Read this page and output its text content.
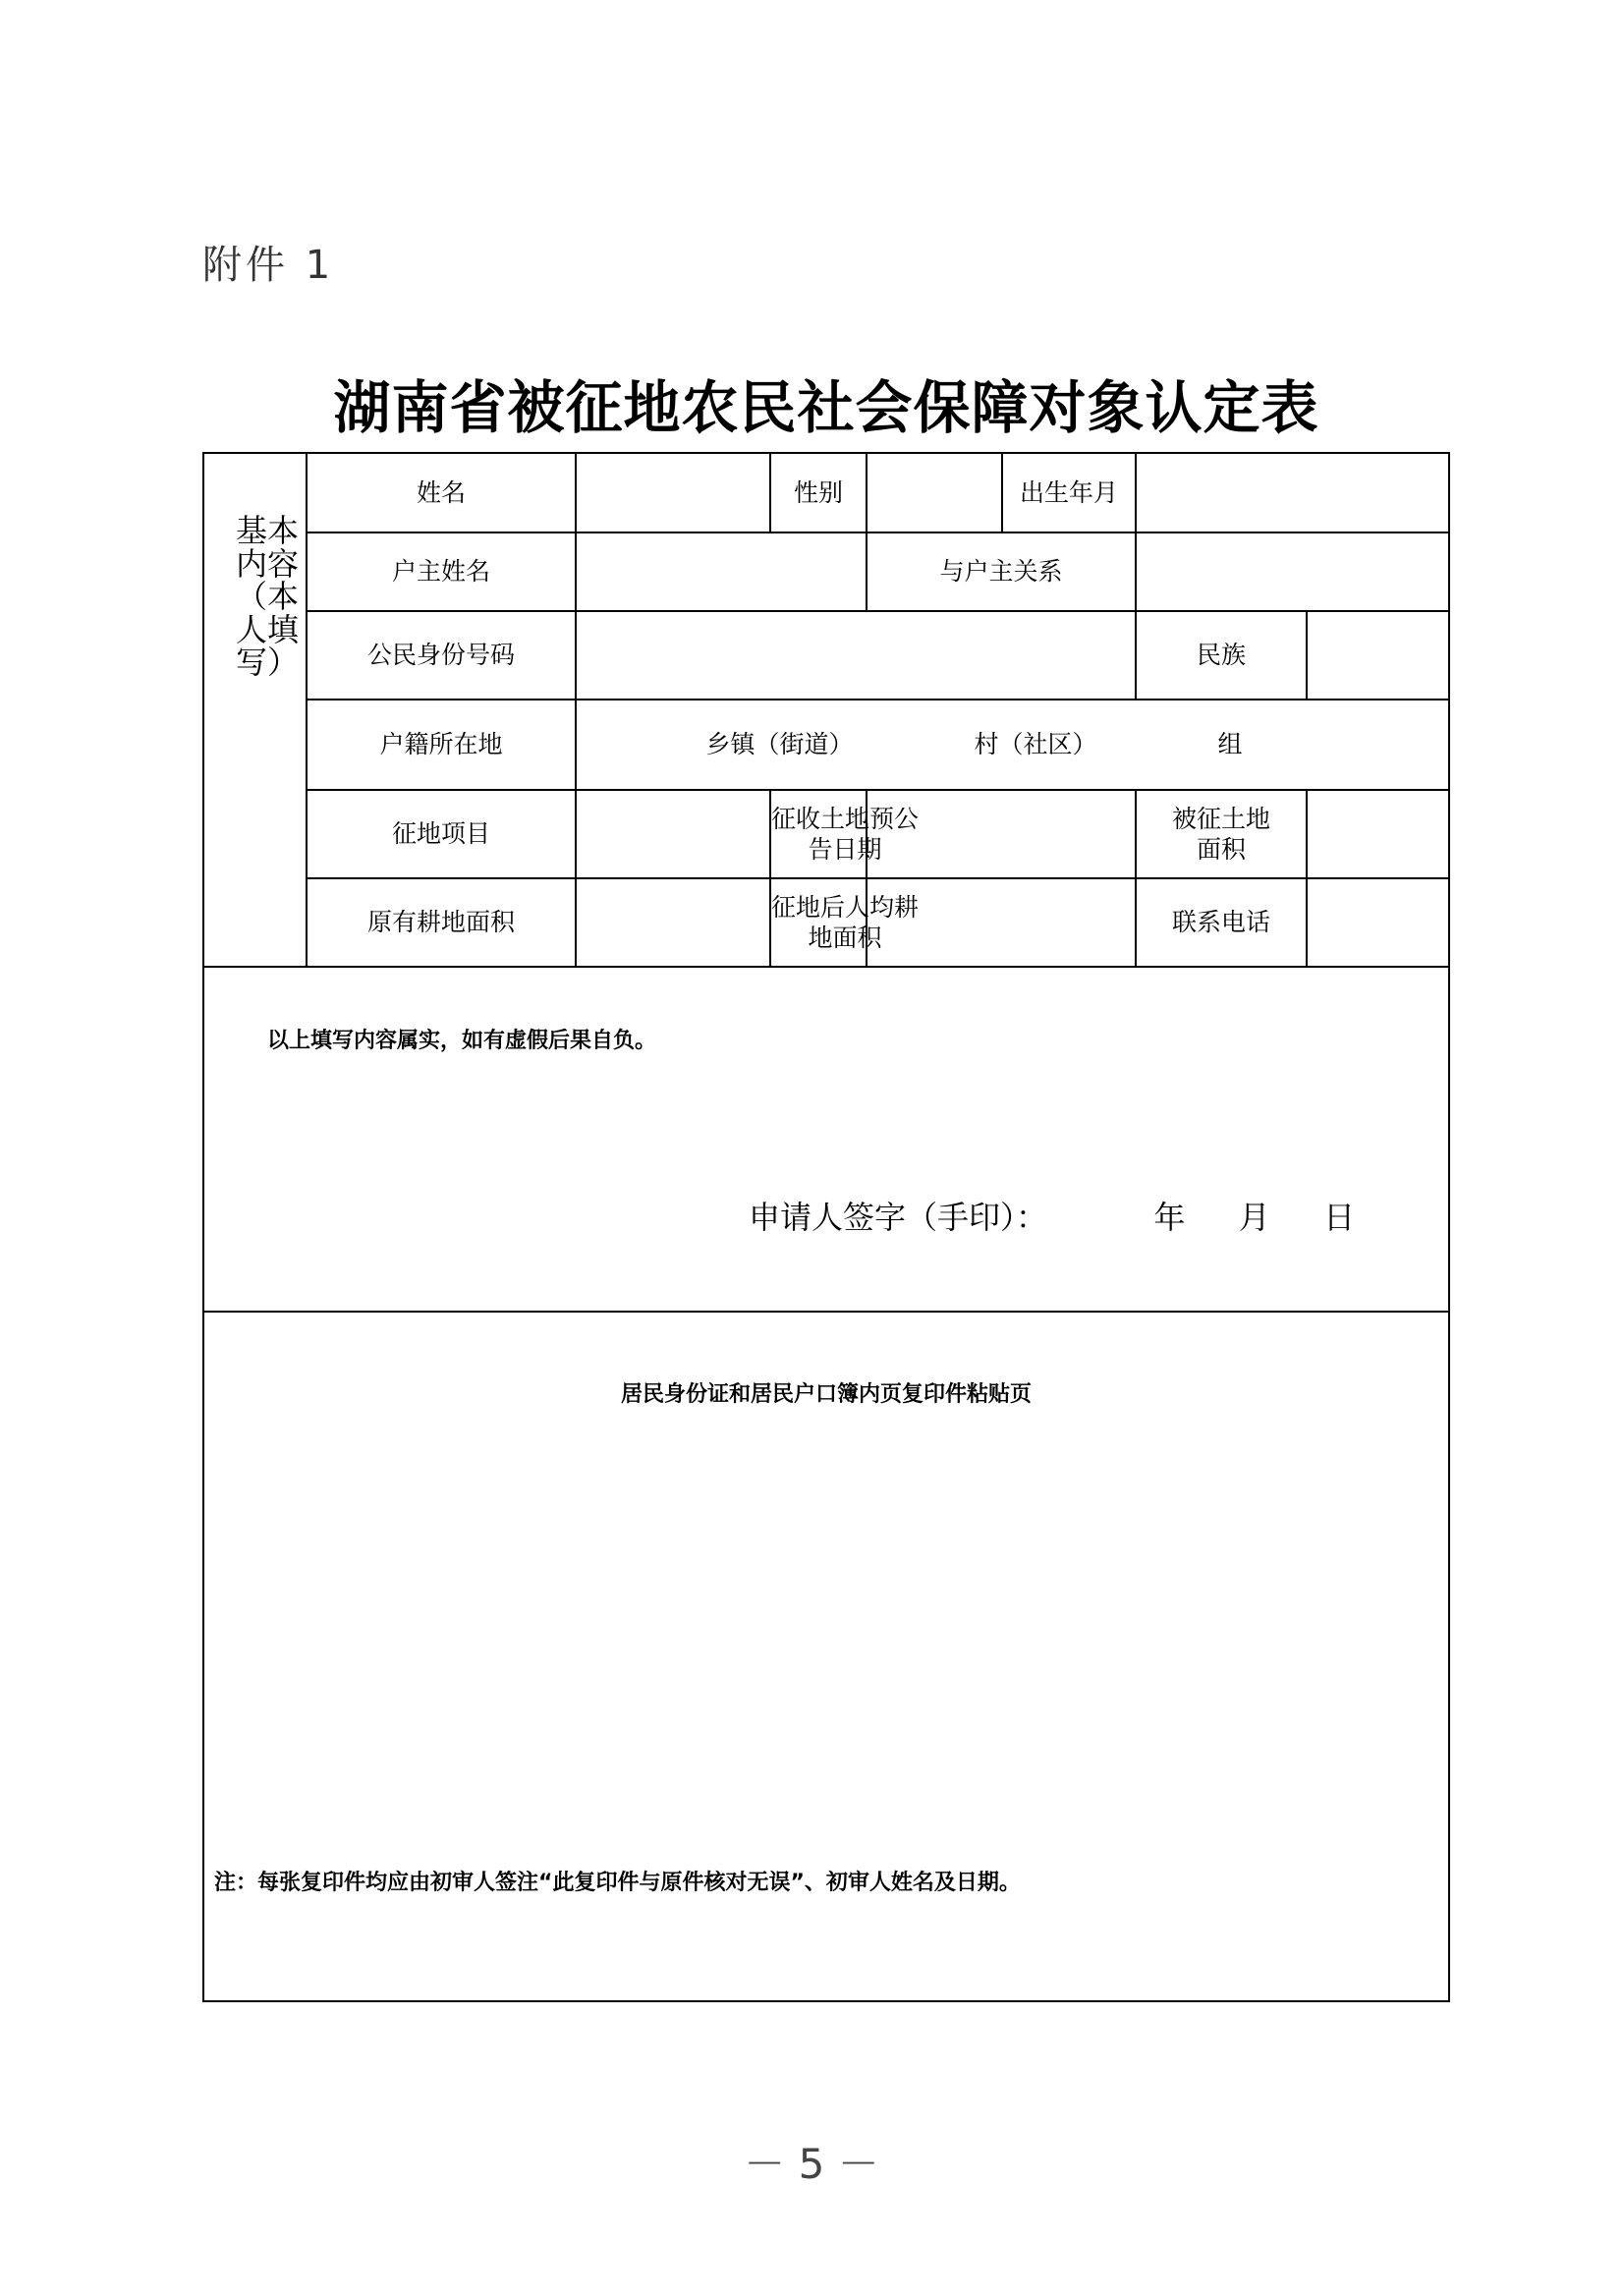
附件 1
湖南省被征地农民社会保障对象认定表
基本内容（本人填写）	姓名		性别		出生年月		
	户主姓名			与户主关系			
	公民身份号码					民族	
	户籍所在地	乡镇（街道） 村（社区） 组					
	征地项目		征收土地预公告日期			被征土地面积	

	原有耕地面积		征地后人均耕地面积			联系电话	
以上填写内容属实，如有虚假后果自负。
申请人签字（手印）：	年 月 日
居民身份证和居民户口簿内页复印件粘贴页
注：每张复印件均应由初审人签注“此复印件与原件核对无误”、初审人姓名及日期。
－ 5 －
